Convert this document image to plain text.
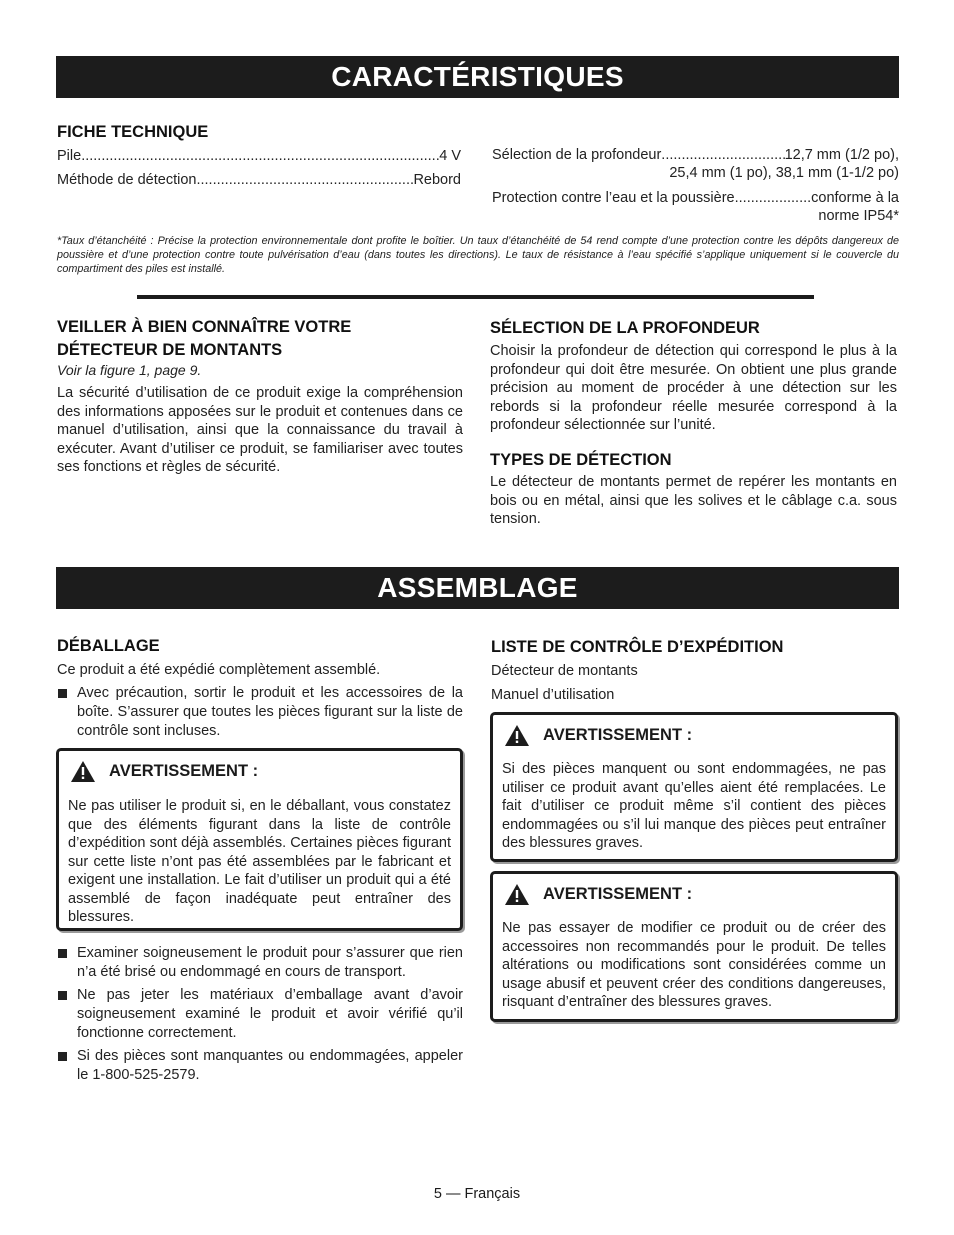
CARACTÉRISTIQUES
FICHE TECHNIQUE
Pile .....	4 V
Méthode de détection .....	Rebord
Sélection de la profondeur .....	12,7 mm (1/2 po),
25,4 mm (1 po), 38,1 mm (1-1/2 po)
Protection contre l’eau et la poussière .....	conforme à la
norme IP54*
*Taux d’étanchéité : Précise la protection environnementale dont profite le boîtier. Un taux d’étanchéité de 54 rend compte d’une protection contre les dépôts dangereux de poussière et d’une protection contre toute pulvérisation d’eau (dans toutes les directions). Le taux de résistance à l’eau spécifié s’applique uniquement si le couvercle du compartiment des piles est installé.
VEILLER À BIEN CONNAÎTRE VOTRE
DÉTECTEUR DE MONTANTS
Voir la figure 1, page 9.
La sécurité d’utilisation de ce produit exige la compréhension des informations apposées sur le produit et contenues dans ce manuel d’utilisation, ainsi que la connaissance du travail à exécuter. Avant d’utiliser ce produit, se familiariser avec toutes ses fonctions et règles de sécurité.
SÉLECTION DE LA PROFONDEUR
Choisir la profondeur de détection qui correspond le plus à la profondeur qui doit être mesurée. On obtient une plus grande précision au moment de procéder à une détection sur les rebords si la profondeur réelle mesurée correspond à la profondeur sélectionnée sur l’unité.
TYPES DE DÉTECTION
Le détecteur de montants permet de repérer les montants en bois ou en métal, ainsi que les solives et le câblage c.a. sous tension.
ASSEMBLAGE
DÉBALLAGE
Ce produit a été expédié complètement assemblé.
Avec précaution, sortir le produit et les accessoires de la boîte. S’assurer que toutes les pièces figurant sur la liste de contrôle sont incluses.
AVERTISSEMENT :
Ne pas utiliser le produit si, en le déballant, vous constatez que des éléments figurant dans la liste de contrôle d’expédition sont déjà assemblés. Certaines pièces figurant sur cette liste n’ont pas été assemblées par le fabricant et exigent une installation. Le fait d’utiliser un produit qui a été assemblé de façon inadéquate peut entraîner des blessures.
Examiner soigneusement le produit pour s’assurer que rien n’a été brisé ou endommagé en cours de transport.
Ne pas jeter les matériaux d’emballage avant d’avoir soigneusement examiné le produit et avoir vérifié qu’il fonctionne correctement.
Si des pièces sont manquantes ou endommagées, appeler le 1-800-525-2579.
LISTE DE CONTRÔLE D’EXPÉDITION
Détecteur de montants
Manuel d’utilisation
AVERTISSEMENT :
Si des pièces manquent ou sont endommagées, ne pas utiliser ce produit avant qu’elles aient été remplacées. Le fait d’utiliser ce produit même s’il contient des pièces endommagées ou s’il lui manque des pièces peut entraîner des blessures graves.
AVERTISSEMENT :
Ne pas essayer de modifier ce produit ou de créer des accessoires non recommandés pour le produit. De telles altérations ou modifications sont considérées comme un usage abusif et peuvent créer des conditions dangereuses, risquant d’entraîner des blessures graves.
5 — Français
